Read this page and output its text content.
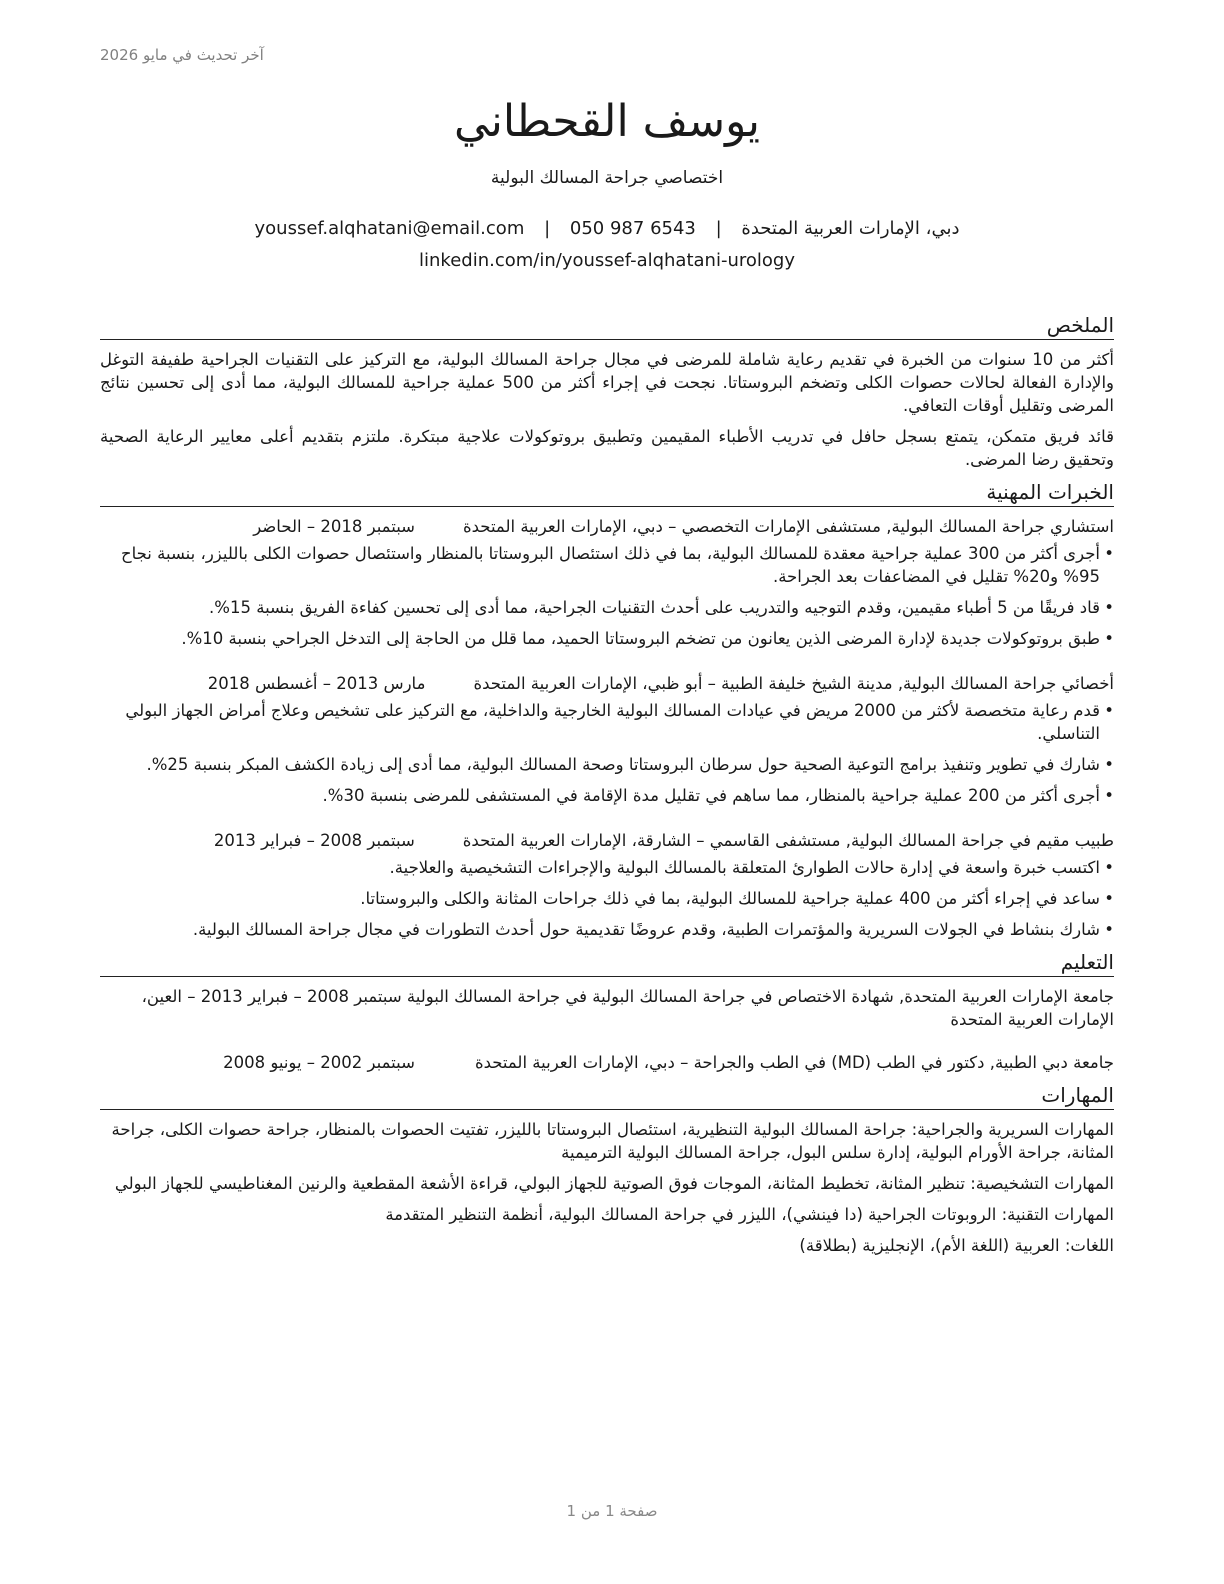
آخر تحديث في مايو 2026
يوسف القحطاني
اختصاصي جراحة المسالك البولية
دبي، الإمارات العربية المتحدة | youssef.alqhatani@email.com | 050 987 6543
linkedin.com/in/youssef-alqhatani-urology
الملخص

أكثر من 10 سنوات من الخبرة في تقديم رعاية شاملة للمرضى في مجال جراحة المسالك البولية، مع التركيز على التقنيات الجراحية طفيفة التوغل والإدارة الفعالة لحالات حصوات الكلى وتضخم البروستاتا. نجحت في إجراء أكثر من 500 عملية جراحية للمسالك البولية، مما أدى إلى تحسين نتائج المرضى وتقليل أوقات التعافي.

قائد فريق متمكن، يتمتع بسجل حافل في تدريب الأطباء المقيمين وتطبيق بروتوكولات علاجية مبتكرة. ملتزم بتقديم أعلى معايير الرعاية الصحية وتحقيق رضا المرضى.

الخبرات المهنية
استشاري جراحة المسالك البولية, مستشفى الإمارات التخصصي – دبي، الإمارات العربية المتحدة
سبتمبر 2018 – الحاضر
• أجرى أكثر من 300 عملية جراحية معقدة للمسالك البولية، بما في ذلك استئصال البروستاتا بالمنظار واستئصال حصوات الكلى بالليزر، بنسبة نجاح 95% و20% تقليل في المضاعفات بعد الجراحة.
• قاد فريقًا من 5 أطباء مقيمين، وقدم التوجيه والتدريب على أحدث التقنيات الجراحية، مما أدى إلى تحسين كفاءة الفريق بنسبة 15%.
• طبق بروتوكولات جديدة لإدارة المرضى الذين يعانون من تضخم البروستاتا الحميد، مما قلل من الحاجة إلى التدخل الجراحي بنسبة 10%.
أخصائي جراحة المسالك البولية, مدينة الشيخ خليفة الطبية – أبو ظبي، الإمارات العربية المتحدة
مارس 2013 – أغسطس 2018
• قدم رعاية متخصصة لأكثر من 2000 مريض في عيادات المسالك البولية الخارجية والداخلية، مع التركيز على تشخيص وعلاج أمراض الجهاز البولي التناسلي.
• شارك في تطوير وتنفيذ برامج التوعية الصحية حول سرطان البروستاتا وصحة المسالك البولية، مما أدى إلى زيادة الكشف المبكر بنسبة 25%.
• أجرى أكثر من 200 عملية جراحية بالمنظار، مما ساهم في تقليل مدة الإقامة في المستشفى للمرضى بنسبة 30%.
طبيب مقيم في جراحة المسالك البولية, مستشفى القاسمي – الشارقة، الإمارات العربية المتحدة
سبتمبر 2008 – فبراير 2013
• اكتسب خبرة واسعة في إدارة حالات الطوارئ المتعلقة بالمسالك البولية والإجراءات التشخيصية والعلاجية.
• ساعد في إجراء أكثر من 400 عملية جراحية للمسالك البولية، بما في ذلك جراحات المثانة والكلى والبروستاتا.
• شارك بنشاط في الجولات السريرية والمؤتمرات الطبية، وقدم عروضًا تقديمية حول أحدث التطورات في مجال جراحة المسالك البولية.
التعليم
جامعة الإمارات العربية المتحدة, شهادة الاختصاص في جراحة المسالك البولية في جراحة المسالك البولية سبتمبر 2008 – فبراير 2013 – العين، الإمارات العربية المتحدة
جامعة دبي الطبية, دكتور في الطب (MD) في الطب والجراحة – دبي، الإمارات العربية المتحدة
سبتمبر 2002 – يونيو 2008
المهارات

المهارات السريرية والجراحية: جراحة المسالك البولية التنظيرية، استئصال البروستاتا بالليزر، تفتيت الحصوات بالمنظار، جراحة حصوات الكلى، جراحة المثانة، جراحة الأورام البولية، إدارة سلس البول، جراحة المسالك البولية الترميمية

المهارات التشخيصية: تنظير المثانة، تخطيط المثانة، الموجات فوق الصوتية للجهاز البولي، قراءة الأشعة المقطعية والرنين المغناطيسي للجهاز البولي

المهارات التقنية: الروبوتات الجراحية (دا فينشي)، الليزر في جراحة المسالك البولية، أنظمة التنظير المتقدمة

اللغات: العربية (اللغة الأم)، الإنجليزية (بطلاقة)

صفحة 1 من 1
